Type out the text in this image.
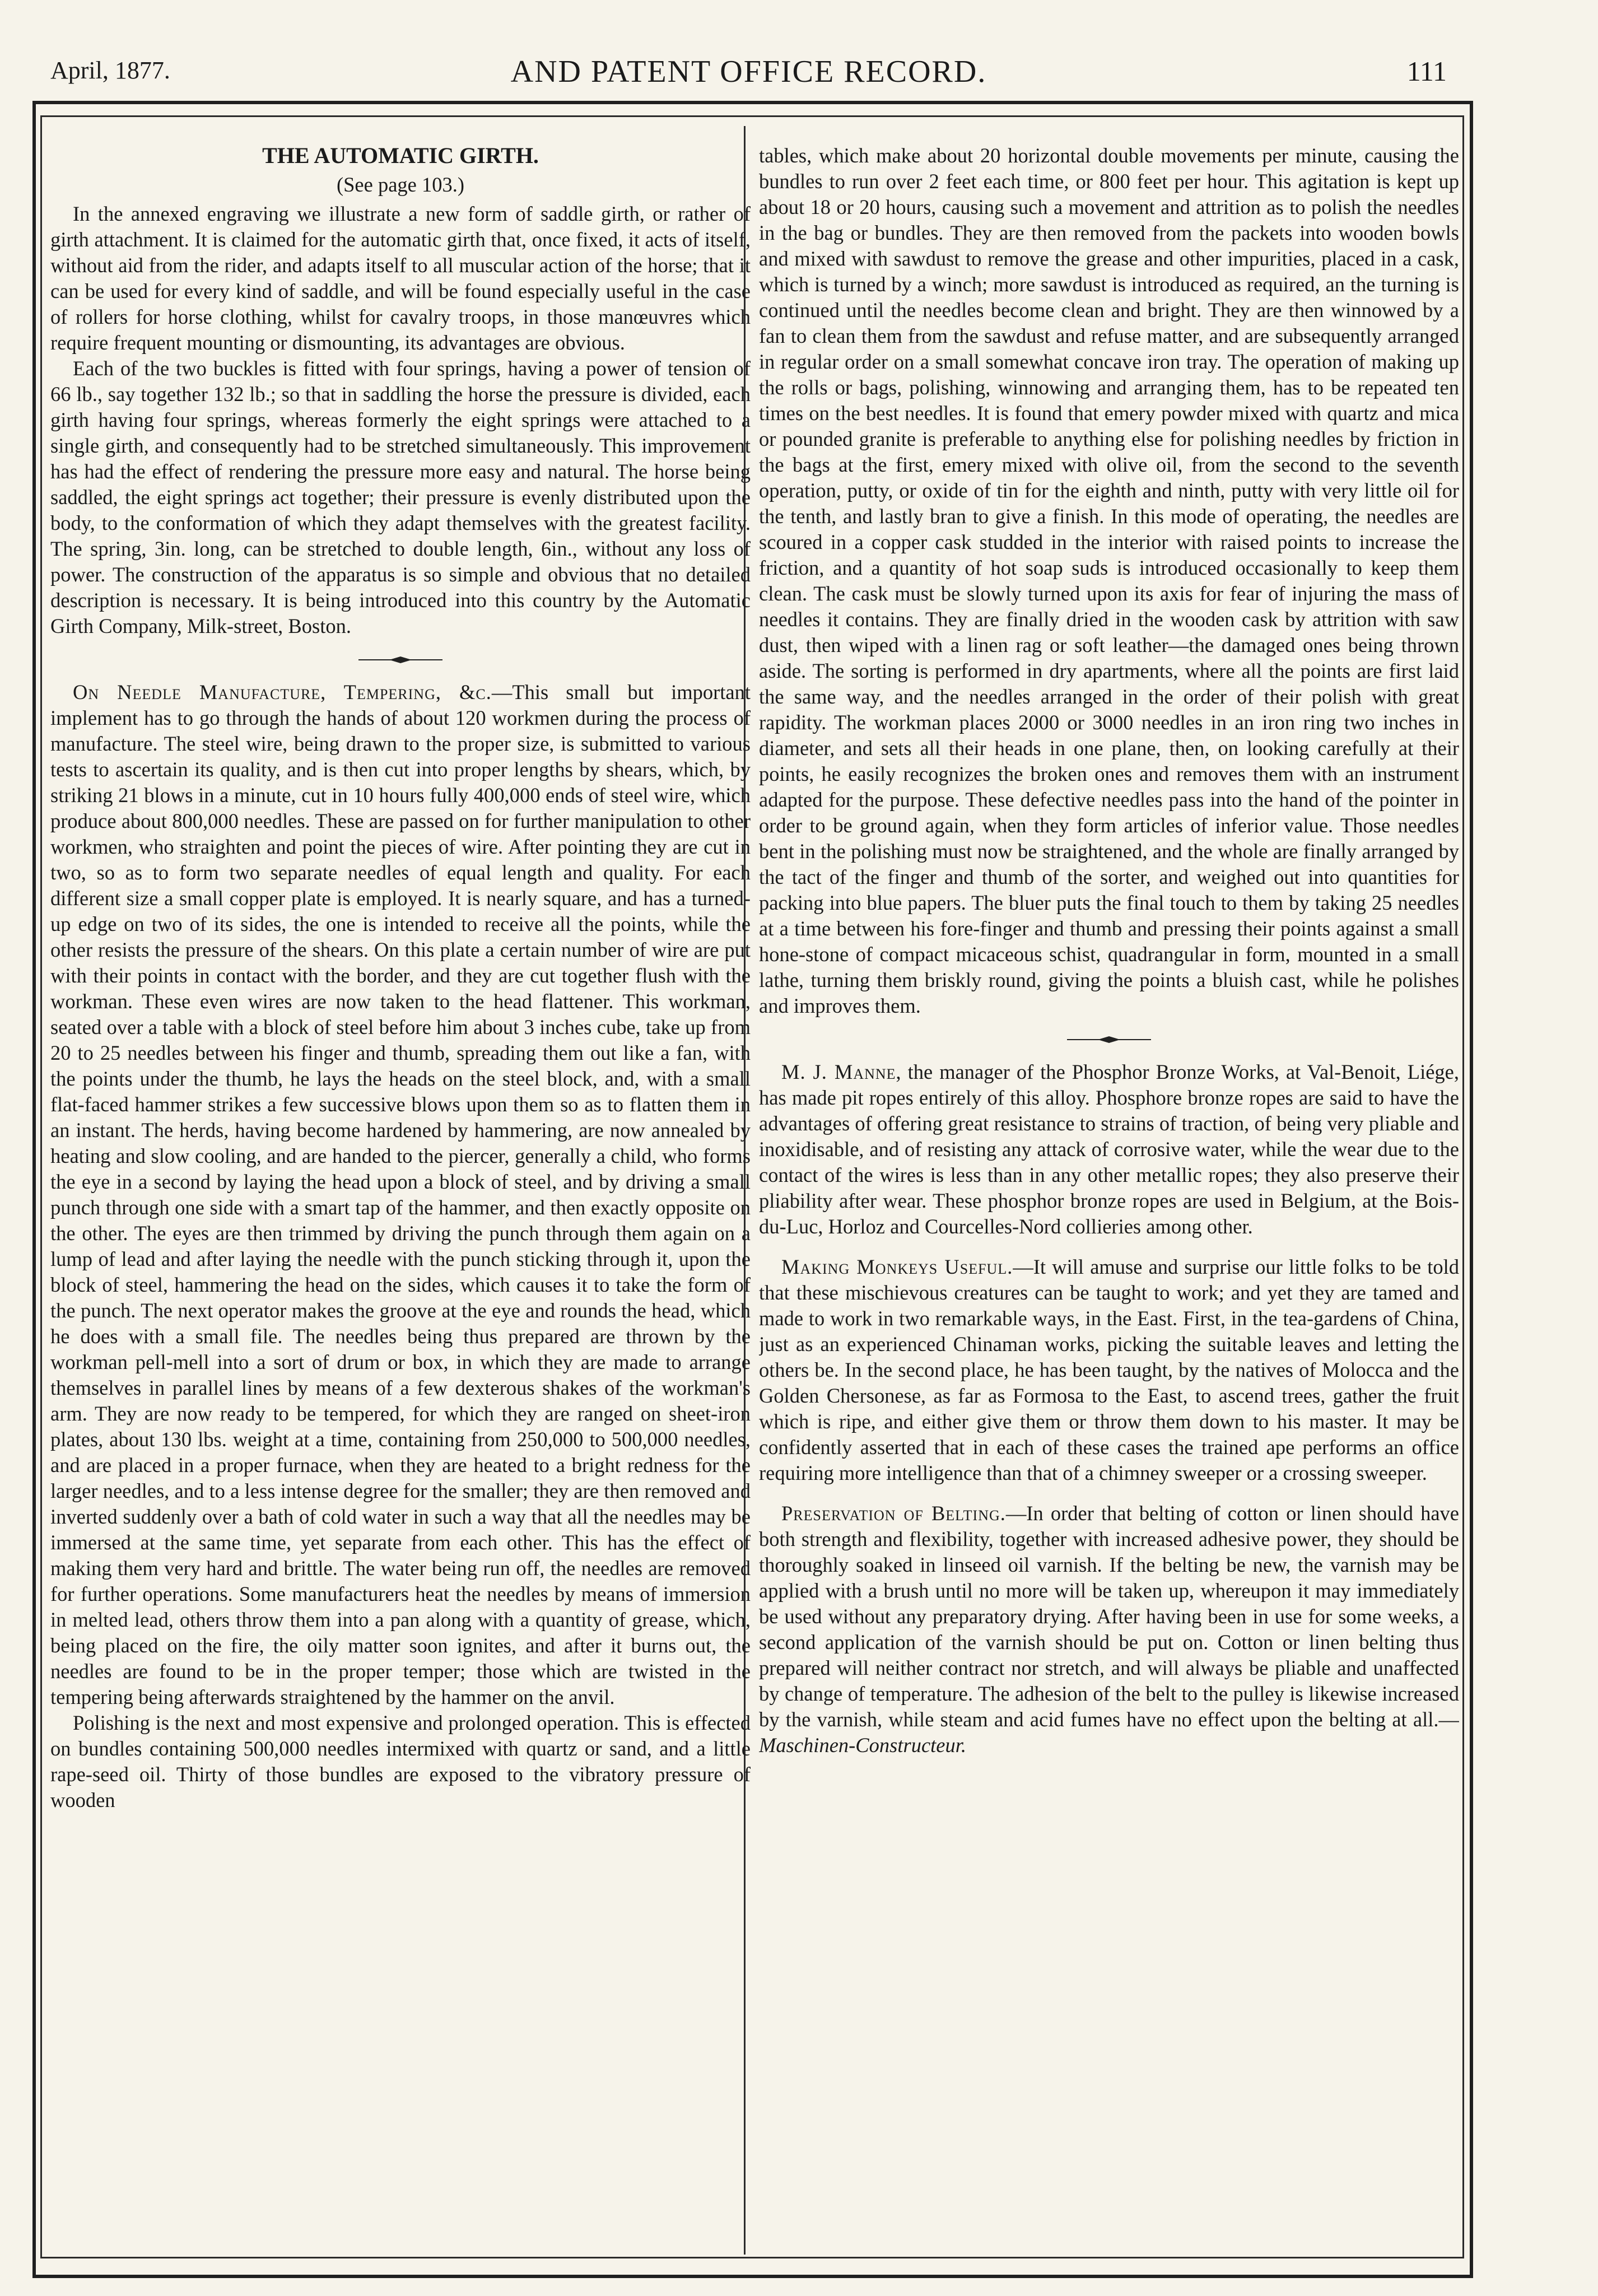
April, 1877.	AND PATENT OFFICE RECORD.	111
THE AUTOMATIC GIRTH.
(See page 103.)

In the annexed engraving we illustrate a new form of saddle girth, or rather of girth attachment. It is claimed for the automatic girth that, once fixed, it acts of itself, without aid from the rider, and adapts itself to all muscular action of the horse; that it can be used for every kind of saddle, and will be found especially useful in the case of rollers for horse clothing, whilst for cavalry troops, in those manœuvres which require frequent mounting or dismounting, its advantages are obvious.

Each of the two buckles is fitted with four springs, having a power of tension of 66 lb., say together 132 lb.; so that in saddling the horse the pressure is divided, each girth having four springs, whereas formerly the eight springs were attached to a single girth, and consequently had to be stretched simultaneously. This improvement has had the effect of rendering the pressure more easy and natural. The horse being saddled, the eight springs act together; their pressure is evenly distributed upon the body, to the conformation of which they adapt themselves with the greatest facility. The spring, 3in. long, can be stretched to double length, 6in., without any loss of power. The construction of the apparatus is so simple and obvious that no detailed description is necessary. It is being introduced into this country by the Automatic Girth Company, Milk-street, Boston.

On Needle Manufacture, Tempering, &c.—This small but important implement has to go through the hands of about 120 workmen during the process of manufacture. The steel wire, being drawn to the proper size, is submitted to various tests to ascertain its quality, and is then cut into proper lengths by shears, which, by striking 21 blows in a minute, cut in 10 hours fully 400,000 ends of steel wire, which produce about 800,000 needles. These are passed on for further manipulation to other workmen, who straighten and point the pieces of wire. After pointing they are cut in two, so as to form two separate needles of equal length and quality. For each different size a small copper plate is employed. It is nearly square, and has a turned-up edge on two of its sides, the one is intended to receive all the points, while the other resists the pressure of the shears. On this plate a certain number of wire are put with their points in contact with the border, and they are cut together flush with the workman. These even wires are now taken to the head flattener. This workman, seated over a table with a block of steel before him about 3 inches cube, take up from 20 to 25 needles between his finger and thumb, spreading them out like a fan, with the points under the thumb, he lays the heads on the steel block, and, with a small flat-faced hammer strikes a few successive blows upon them so as to flatten them in an instant. The herds, having become hardened by hammering, are now annealed by heating and slow cooling, and are handed to the piercer, generally a child, who forms the eye in a second by laying the head upon a block of steel, and by driving a small punch through one side with a smart tap of the hammer, and then exactly opposite on the other. The eyes are then trimmed by driving the punch through them again on a lump of lead and after laying the needle with the punch sticking through it, upon the block of steel, hammering the head on the sides, which causes it to take the form of the punch. The next operator makes the groove at the eye and rounds the head, which he does with a small file. The needles being thus prepared are thrown by the workman pell-mell into a sort of drum or box, in which they are made to arrange themselves in parallel lines by means of a few dexterous shakes of the workman's arm. They are now ready to be tempered, for which they are ranged on sheet-iron plates, about 130 lbs. weight at a time, containing from 250,000 to 500,000 needles, and are placed in a proper furnace, when they are heated to a bright redness for the larger needles, and to a less intense degree for the smaller; they are then removed and inverted suddenly over a bath of cold water in such a way that all the needles may be immersed at the same time, yet separate from each other. This has the effect of making them very hard and brittle. The water being run off, the needles are removed for further operations. Some manufacturers heat the needles by means of immersion in melted lead, others throw them into a pan along with a quantity of grease, which, being placed on the fire, the oily matter soon ignites, and after it burns out, the needles are found to be in the proper temper; those which are twisted in the tempering being afterwards straightened by the hammer on the anvil.

Polishing is the next and most expensive and prolonged operation. This is effected on bundles containing 500,000 needles intermixed with quartz or sand, and a little rape-seed oil. Thirty of those bundles are exposed to the vibratory pressure of wooden

tables, which make about 20 horizontal double movements per minute, causing the bundles to run over 2 feet each time, or 800 feet per hour. This agitation is kept up about 18 or 20 hours, causing such a movement and attrition as to polish the needles in the bag or bundles. They are then removed from the packets into wooden bowls and mixed with sawdust to remove the grease and other impurities, placed in a cask, which is turned by a winch; more sawdust is introduced as required, an the turning is continued until the needles become clean and bright. They are then winnowed by a fan to clean them from the sawdust and refuse matter, and are subsequently arranged in regular order on a small somewhat concave iron tray. The operation of making up the rolls or bags, polishing, winnowing and arranging them, has to be repeated ten times on the best needles. It is found that emery powder mixed with quartz and mica or pounded granite is preferable to anything else for polishing needles by friction in the bags at the first, emery mixed with olive oil, from the second to the seventh operation, putty, or oxide of tin for the eighth and ninth, putty with very little oil for the tenth, and lastly bran to give a finish. In this mode of operating, the needles are scoured in a copper cask studded in the interior with raised points to increase the friction, and a quantity of hot soap suds is introduced occasionally to keep them clean. The cask must be slowly turned upon its axis for fear of injuring the mass of needles it contains. They are finally dried in the wooden cask by attrition with saw dust, then wiped with a linen rag or soft leather—the damaged ones being thrown aside. The sorting is performed in dry apartments, where all the points are first laid the same way, and the needles arranged in the order of their polish with great rapidity. The workman places 2000 or 3000 needles in an iron ring two inches in diameter, and sets all their heads in one plane, then, on looking carefully at their points, he easily recognizes the broken ones and removes them with an instrument adapted for the purpose. These defective needles pass into the hand of the pointer in order to be ground again, when they form articles of inferior value. Those needles bent in the polishing must now be straightened, and the whole are finally arranged by the tact of the finger and thumb of the sorter, and weighed out into quantities for packing into blue papers. The bluer puts the final touch to them by taking 25 needles at a time between his fore-finger and thumb and pressing their points against a small hone-stone of compact micaceous schist, quadrangular in form, mounted in a small lathe, turning them briskly round, giving the points a bluish cast, while he polishes and improves them.

M. J. Manne, the manager of the Phosphor Bronze Works, at Val-Benoit, Liége, has made pit ropes entirely of this alloy. Phosphore bronze ropes are said to have the advantages of offering great resistance to strains of traction, of being very pliable and inoxidisable, and of resisting any attack of corrosive water, while the wear due to the contact of the wires is less than in any other metallic ropes; they also preserve their pliability after wear. These phosphor bronze ropes are used in Belgium, at the Bois-du-Luc, Horloz and Courcelles-Nord collieries among other.

Making Monkeys Useful.—It will amuse and surprise our little folks to be told that these mischievous creatures can be taught to work; and yet they are tamed and made to work in two remarkable ways, in the East. First, in the tea-gardens of China, just as an experienced Chinaman works, picking the suitable leaves and letting the others be. In the second place, he has been taught, by the natives of Molocca and the Golden Chersonese, as far as Formosa to the East, to ascend trees, gather the fruit which is ripe, and either give them or throw them down to his master. It may be confidently asserted that in each of these cases the trained ape performs an office requiring more intelligence than that of a chimney sweeper or a crossing sweeper.

Preservation of Belting.—In order that belting of cotton or linen should have both strength and flexibility, together with increased adhesive power, they should be thoroughly soaked in linseed oil varnish. If the belting be new, the varnish may be applied with a brush until no more will be taken up, whereupon it may immediately be used without any preparatory drying. After having been in use for some weeks, a second application of the varnish should be put on. Cotton or linen belting thus prepared will neither contract nor stretch, and will always be pliable and unaffected by change of temperature. The adhesion of the belt to the pulley is likewise increased by the varnish, while steam and acid fumes have no effect upon the belting at all.—Maschinen-Constructeur.
